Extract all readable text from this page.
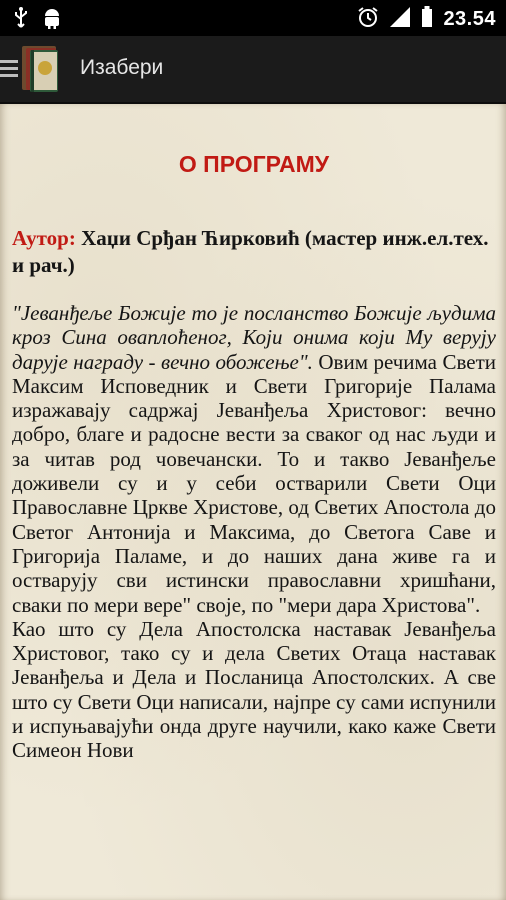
23.54
Изабери
О ПРОГРАМУ
Аутор: Хаџи Срђан Ћирковић (мастер инж.ел.тех. и рач.)
"Јеванђеље Божије то је посланство Божије људима кроз Сина оваплоћеног, Који онима који Му верују дарује награду - вечно обожење". Овим речима Свети Максим Исповедник и Свети Григорије Палама изражавају садржај Јеванђеља Христовог: вечно добро, благе и радосне вести за сваког од нас људи и за читав род човечански. То и такво Јеванђеље доживели су и у себи остварили Свети Оци Православне Цркве Христове, од Светих Апостола до Светог Антонија и Максима, до Светога Саве и Григорија Паламе, и до наших дана живе га и остварују сви истински православни хришћани, сваки по мери вере" своје, по "мери дара Христова".
Као што су Дела Апостолска наставак Јеванђеља Христовог, тако су и дела Светих Отаца наставак Јеванђеља и Дела и Посланица Апостолских. А све што су Свети Оци написали, најпре су сами испунили и испуњавајући онда друге научили, како каже Свети Симеон Нови
